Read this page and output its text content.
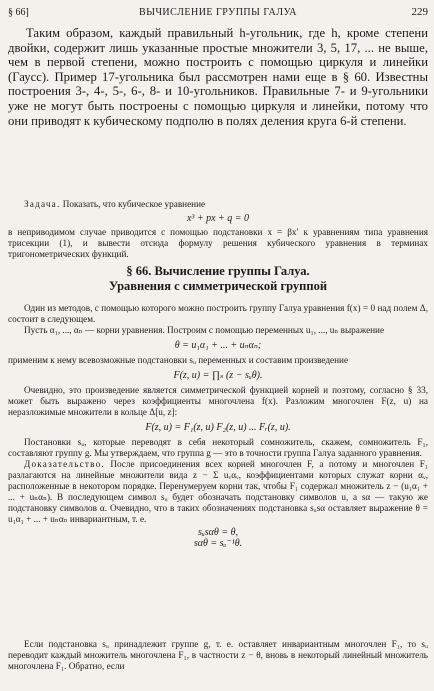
§ 66]	ВЫЧИСЛЕНИЕ ГРУППЫ ГАЛУА	229

Таким образом, каждый правильный h-угольник, где h, кроме степени двойки, содержит лишь указанные простые множители 3, 5, 17, ... не выше, чем в первой степени, можно построить с помощью циркуля и линейки (Гаусс). Пример 17-угольника был рассмотрен нами еще в § 60. Известны построения 3-, 4-, 5-, 6-, 8- и 10-угольников. Правильные 7- и 9-угольники уже не могут быть построены с помощью циркуля и линейки, потому что они приводят к кубическому подполю в полях деления круга 6-й степени.

Задача. Показать, что кубическое уравнение

x³ + px + q = 0

в неприводимом случае приводится с помощью подстановки x = βx′ к уравнениям типа уравнения трисекции (1), и вывести отсюда формулу решения кубического уравнения в терминах тригонометрических функций.

§ 66. Вычисление группы Галуа.
Уравнения с симметрической группой

Один из методов, с помощью которого можно построить группу Галуа уравнения f(x) = 0 над полем Δ, состоит в следующем.

Пусть α₁, ..., αₙ — корни уравнения. Построим с помощью переменных u₁, ..., uₙ выражение

θ = u₁α₁ + ... + uₙαₙ;

применим к нему всевозможные подстановки sᵤ переменных и составим произведение

F(z, u) = ∏ₛ (z − sᵤθ).

Очевидно, это произведение является симметрической функцией корней и поэтому, согласно § 33, может быть выражено через коэффициенты многочлена f(x). Разложим многочлен F(z, u) на неразложимые множители в кольце Δ[u, z]:

F(z, u) = F₁(z, u) F₂(z, u) ... Fᵣ(z, u).

Постановки sᵤ, которые переводят в себя некоторый сомножитель, скажем, сомножитель F₁, составляют группу g. Мы утверждаем, что группа g — это в точности группа Галуа заданного уравнения.

Доказательство. После присоединения всех корней многочлен F, а потому и многочлен F₁ разлагаются на линейные множители вида z − Σ uᵥαᵥ, коэффициентами которых служат корни αᵥ, расположенные в некотором порядке. Перенумеруем корни так, чтобы F₁ содержал множитель z − (u₁α₁ + ... + uₙαₙ). В последующем символ sᵤ будет обозначать подстановку символов u, а sα — такую же подстановку символов α. Очевидно, что в таких обозначениях подстановка sᵤsα оставляет выражение θ = u₁α₁ + ... + uₙαₙ инвариантным, т. е.

sᵤsαθ = θ,
sαθ = sᵤ⁻¹θ.

Если подстановка sᵤ принадлежит группе g, т. е. оставляет инвариантным многочлен F₁, то sᵤ переводит каждый множитель многочлена F₁, в частности z − θ, вновь в некоторый линейный множитель многочлена F₁. Обратно, если
